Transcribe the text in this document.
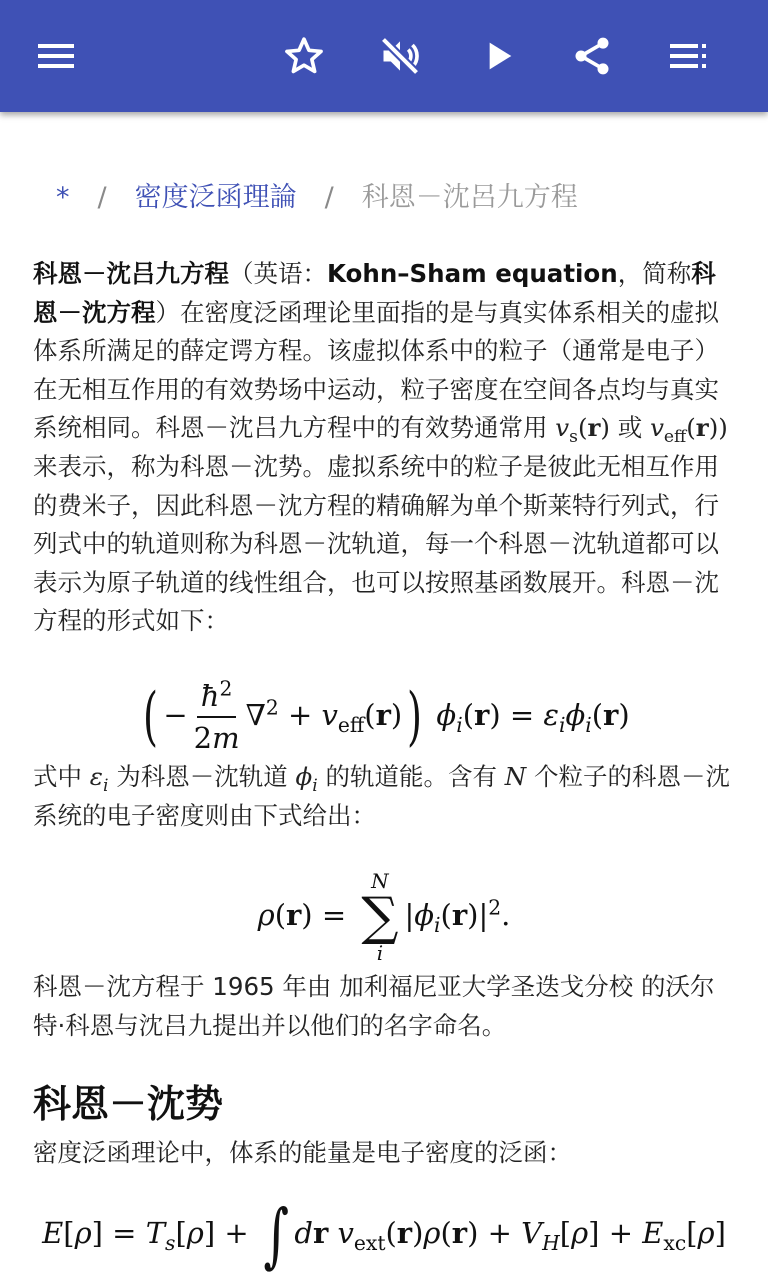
* / 密度泛函理論 / 科恩－沈呂九方程

科恩－沈吕九方程（英语：Kohn–Sham equation，简称科恩－沈方程）在密度泛函理论里面指的是与真实体系相关的虚拟体系所满足的薛定谔方程。该虚拟体系中的粒子（通常是电子）在无相互作用的有效势场中运动，粒子密度在空间各点均与真实系统相同。科恩－沈吕九方程中的有效势通常用 $v_s(r)$ 或 $v_{eff}(r)$) 来表示，称为科恩－沈势。虚拟系统中的粒子是彼此无相互作用的费米子，因此科恩－沈方程的精确解为单个斯莱特行列式，行列式中的轨道则称为科恩－沈轨道，每一个科恩－沈轨道都可以表示为原子轨道的线性组合，也可以按照基函数展开。科恩－沈方程的形式如下：

( − $\frac{ħ^2}{2m} \nabla^2 + v_{eff}(r)$) $\phi_i(r) = \varepsilon_i\phi_i(r)$

式中 $\varepsilon_i$ 为科恩－沈轨道 $\phi_i$ 的轨道能。含有 N 个粒子的科恩－沈系统的电子密度则由下式给出：

ρ(r) =
N
∑
i
$|\phi_i(r)|^2$.

科恩－沈方程于 1965 年由 加利福尼亚大学圣迭戈分校 的沃尔特·科恩与沈吕九提出并以他们的名字命名。

科恩－沈势
密度泛函理论中，体系的能量是电子密度的泛函：
$E[\rho] = T_s[\rho]$ + ∫ dr $v_{ext}(r)\rho(r) + V_H[\rho] + E_{xc}[\rho]$
